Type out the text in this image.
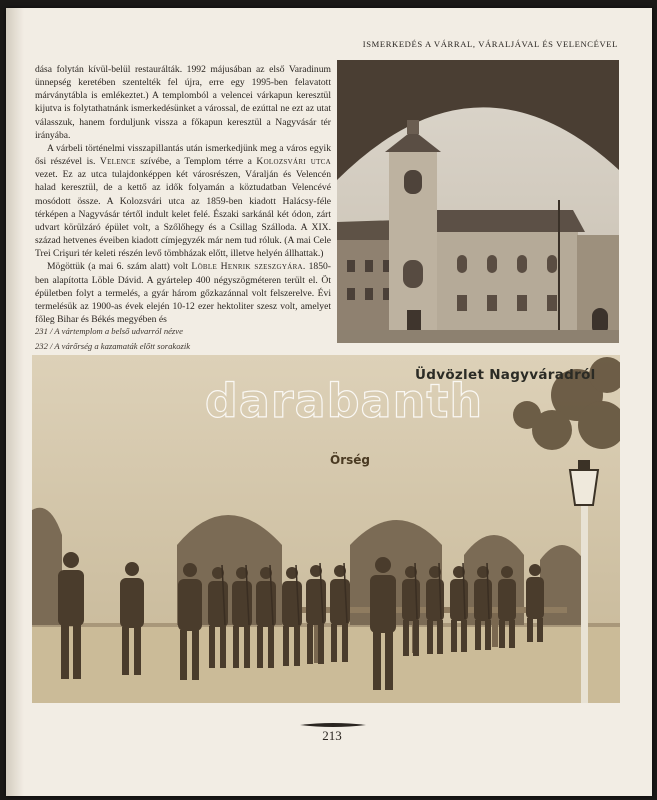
ISMERKEDÉS A VÁRRAL, VÁRALJÁVAL ÉS VELENCÉVEL

dása folytán kívül-belül restaurálták. 1992 májusában az első Varadinum ünnepség keretében szentelték fel újra, erre egy 1995-ben felavatott márványtábla is emlékeztet.) A templomból a velencei várkapun keresztül kijutva is folytathatnánk ismerkedésünket a várossal, de ezúttal ne ezt az utat válasszuk, hanem forduljunk vissza a főkapun keresztül a Nagyvásár tér irányába.

A várbeli történelmi visszapillantás után ismerkedjünk meg a város egyik ősi részével is. Velence szívébe, a Templom térre a Kolozsvári utca vezet. Ez az utca tulajdonképpen két városrészen, Váralján és Velencén halad keresztül, de a kettő az idők folyamán a köztudatban Velencévé mosódott össze. A Kolozsvári utca az 1859-ben kiadott Halácsy-féle térképen a Nagyvásár tértől indult kelet felé. Északi sarkánál két ódon, zárt udvart körülzáró épület volt, a Szőlőhegy és a Csillag Szálloda. A XIX. század hetvenes éveiben kiadott címjegyzék már nem tud róluk. (A mai Cele Trei Crişuri tér keleti részén levő tömbházak előtt, illetve helyén állhattak.)

Mögöttük (a mai 6. szám alatt) volt Löble Henrik szeszgyára. 1850-ben alapította Löble Dávid. A gyártelep 400 négyszögméteren terült el. Öt épületben folyt a termelés, a gyár három gőzkazánnal volt felszerelve. Évi termelésük az 1900-as évek elején 10-12 ezer hektoliter szesz volt, amelyet főleg Bihar és Békés megyében és

231 / A vártemplom a belső udvarról nézve
232 / A várőrség a kazamaták előtt sorakozik
Üdvözlet Nagyváradról
Örség
darabanth
213
